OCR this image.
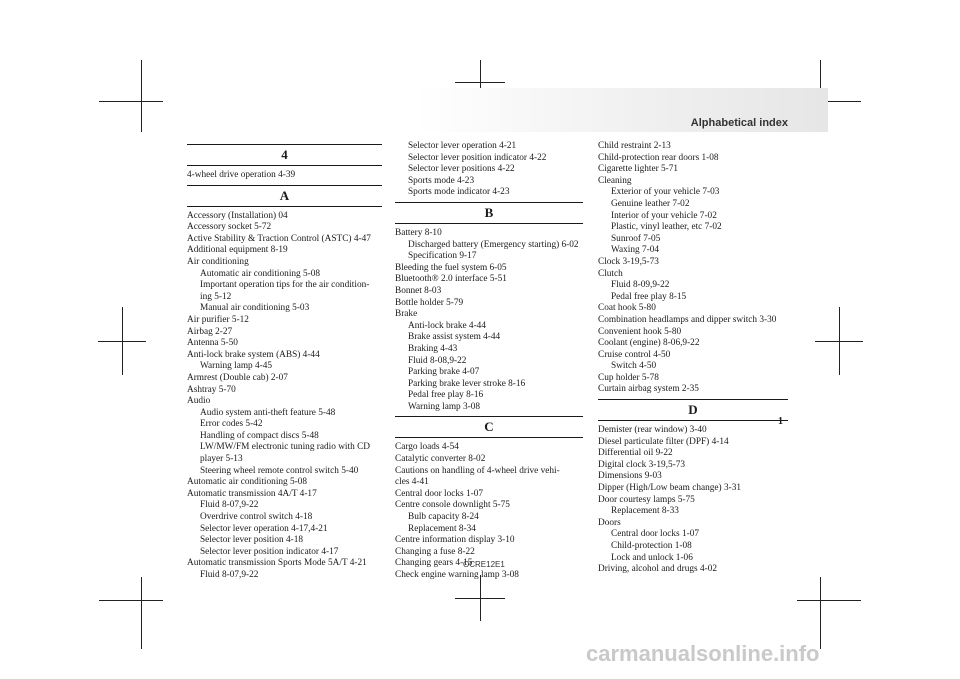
Alphabetical index
4
4-wheel drive operation 4-39
A
Accessory (Installation) 04
Accessory socket 5-72
Active Stability & Traction Control (ASTC) 4-47
Additional equipment 8-19
Air conditioning
Automatic air conditioning 5-08
Important operation tips for the air condition-
ing 5-12
Manual air conditioning 5-03
Air purifier 5-12
Airbag 2-27
Antenna 5-50
Anti-lock brake system (ABS) 4-44
Warning lamp 4-45
Armrest (Double cab) 2-07
Ashtray 5-70
Audio
Audio system anti-theft feature 5-48
Error codes 5-42
Handling of compact discs 5-48
LW/MW/FM electronic tuning radio with CD
player 5-13
Steering wheel remote control switch 5-40
Automatic air conditioning 5-08
Automatic transmission 4A/T 4-17
Fluid 8-07,9-22
Overdrive control switch 4-18
Selector lever operation 4-17,4-21
Selector lever position 4-18
Selector lever position indicator 4-17
Automatic transmission Sports Mode 5A/T 4-21
Fluid 8-07,9-22
Selector lever operation 4-21
Selector lever position indicator 4-22
Selector lever positions 4-22
Sports mode 4-23
Sports mode indicator 4-23
B
Battery 8-10
Discharged battery (Emergency starting) 6-02
Specification 9-17
Bleeding the fuel system 6-05
Bluetooth® 2.0 interface 5-51
Bonnet 8-03
Bottle holder 5-79
Brake
Anti-lock brake 4-44
Brake assist system 4-44
Braking 4-43
Fluid 8-08,9-22
Parking brake 4-07
Parking brake lever stroke 8-16
Pedal free play 8-16
Warning lamp 3-08
C
Cargo loads 4-54
Catalytic converter 8-02
Cautions on handling of 4-wheel drive vehi-
cles 4-41
Central door locks 1-07
Centre console downlight 5-75
Bulb capacity 8-24
Replacement 8-34
Centre information display 3-10
Changing a fuse 8-22
Changing gears 4-15
Check engine warning lamp 3-08
Child restraint 2-13
Child-protection rear doors 1-08
Cigarette lighter 5-71
Cleaning
Exterior of your vehicle 7-03
Genuine leather 7-02
Interior of your vehicle 7-02
Plastic, vinyl leather, etc 7-02
Sunroof 7-05
Waxing 7-04
Clock 3-19,5-73
Clutch
Fluid 8-09,9-22
Pedal free play 8-15
Coat hook 5-80
Combination headlamps and dipper switch 3-30
Convenient hook 5-80
Coolant (engine) 8-06,9-22
Cruise control 4-50
Switch 4-50
Cup holder 5-78
Curtain airbag system 2-35
D
Demister (rear window) 3-40
Diesel particulate filter (DPF) 4-14
Differential oil 9-22
Digital clock 3-19,5-73
Dimensions 9-03
Dipper (High/Low beam change) 3-31
Door courtesy lamps 5-75
Replacement 8-33
Doors
Central door locks 1-07
Child-protection 1-08
Lock and unlock 1-06
Driving, alcohol and drugs 4-02
1
OCRE12E1
carmanualsonline.info
